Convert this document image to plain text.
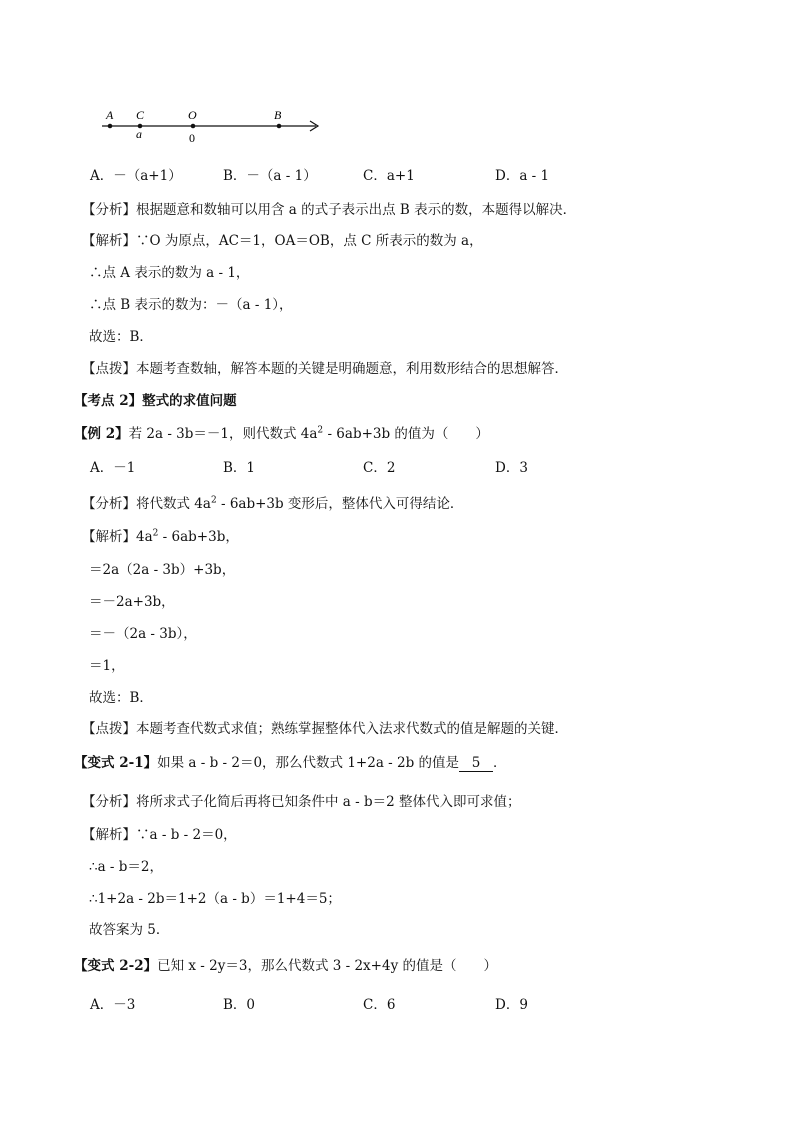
A C	O	B
a	0
A．－（a+1）	B．－（a - 1）	C．a+1	D．a - 1
【分析】根据题意和数轴可以用含 a 的式子表示出点 B 表示的数，本题得以解决．
【解析】∵O 为原点，AC＝1，OA＝OB，点 C 所表示的数为 a，
∴点 A 表示的数为 a - 1，
∴点 B 表示的数为：－（a - 1），
故选：B．
【点拨】本题考查数轴，解答本题的关键是明确题意，利用数形结合的思想解答．
【考点 2】整式的求值问题
【例 2】若 2a - 3b＝－1，则代数式 $4a^2 - 6ab+3b$ 的值为（　　）
A．－1	B．1	C．2	D．3
【分析】将代数式 $4a^2 - 6ab+3b$ 变形后，整体代入可得结论．
【解析】$4a^2 - 6ab+3b$，
＝2a（2a - 3b）+3b，
＝－2a+3b，
＝－（2a - 3b），
＝1，
故选：B．
【点拨】本题考查代数式求值；熟练掌握整体代入法求代数式的值是解题的关键．
【变式 2-1】如果 a - b - 2＝0，那么代数式 1+2a - 2b 的值是 5 ．
【分析】将所求式子化简后再将已知条件中 a - b＝2 整体代入即可求值；
【解析】∵a - b - 2＝0，
∴a - b＝2，
∴1+2a - 2b＝1+2（a - b）＝1+4＝5；
故答案为 5．
【变式 2-2】已知 x - 2y＝3，那么代数式 3 - 2x+4y 的值是（　　）
A．－3	B．0	C．6	D．9
